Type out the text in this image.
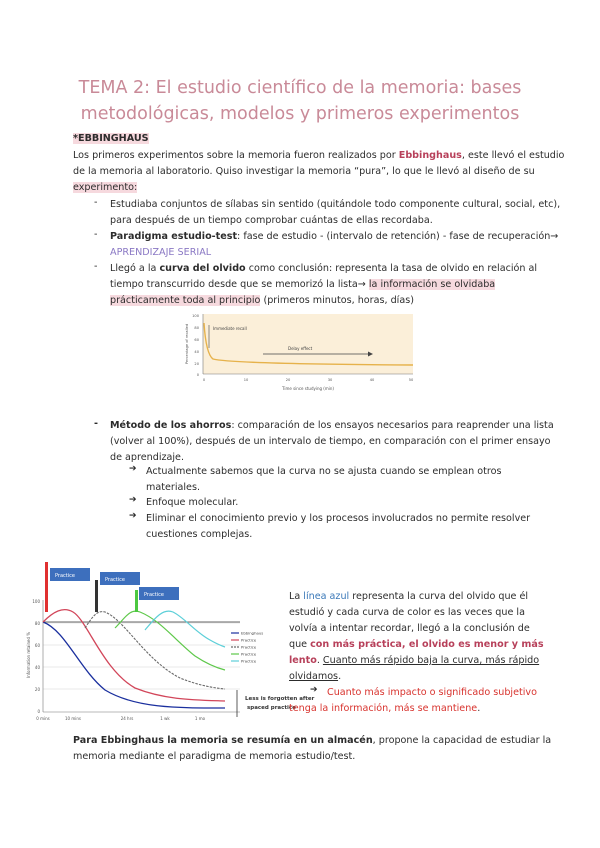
TEMA 2: El estudio científico de la memoria: bases
metodológicas, modelos y primeros experimentos
*EBBINGHAUS
Los primeros experimentos sobre la memoria fueron realizados por Ebbinghaus, este llevó el estudio
de la memoria al laboratorio. Quiso investigar la memoria “pura”, lo que le llevó al diseño de su
experimento:
- Estudiaba conjuntos de sílabas sin sentido (quitándole todo componente cultural, social, etc),
para después de un tiempo comprobar cuántas de ellas recordaba.
- Paradigma estudio-test: fase de estudio - (intervalo de retención) - fase de recuperación→
APRENDIZAJE SERIAL
- Llegó a la curva del olvido como conclusión: representa la tasa de olvido en relación al
tiempo transcurrido desde que se memorizó la lista→ la información se olvidaba
prácticamente toda al principio (primeros minutos, horas, días)
Immediate recall
Delay effect
100
80
60
40
20
0
0	10	20	30	40	50
Time since studying (min)
Percentage of recalled
- Método de los ahorros: comparación de los ensayos necesarios para reaprender una lista
(volver al 100%), después de un intervalo de tiempo, en comparación con el primer ensayo
de aprendizaje.
➔ Actualmente sabemos que la curva no se ajusta cuando se emplean otros
materiales.
➔ Enfoque molecular.
➔ Eliminar el conocimiento previo y los procesos involucrados no permite resolver
cuestiones complejas.
Practice
Practice
Practice
100
80
60
40
20
0
0 mins	10 mins	24 hrs	1 wk	1 mo
Information retained %	Ebbinghaus
Practice
Practice
Practice
Practice
Less is forgotten after
spaced practice
La línea azul representa la curva del olvido que él
estudió y cada curva de color es las veces que la
volvía a intentar recordar, llegó a la conclusión de
que con más práctica, el olvido es menor y más
lento. Cuanto más rápido baja la curva, más rápido
olvidamos.
➔ Cuanto más impacto o significado subjetivo
tenga la información, más se mantiene.
Para Ebbinghaus la memoria se resumía en un almacén, propone la capacidad de estudiar la
memoria mediante el paradigma de memoria estudio/test.
